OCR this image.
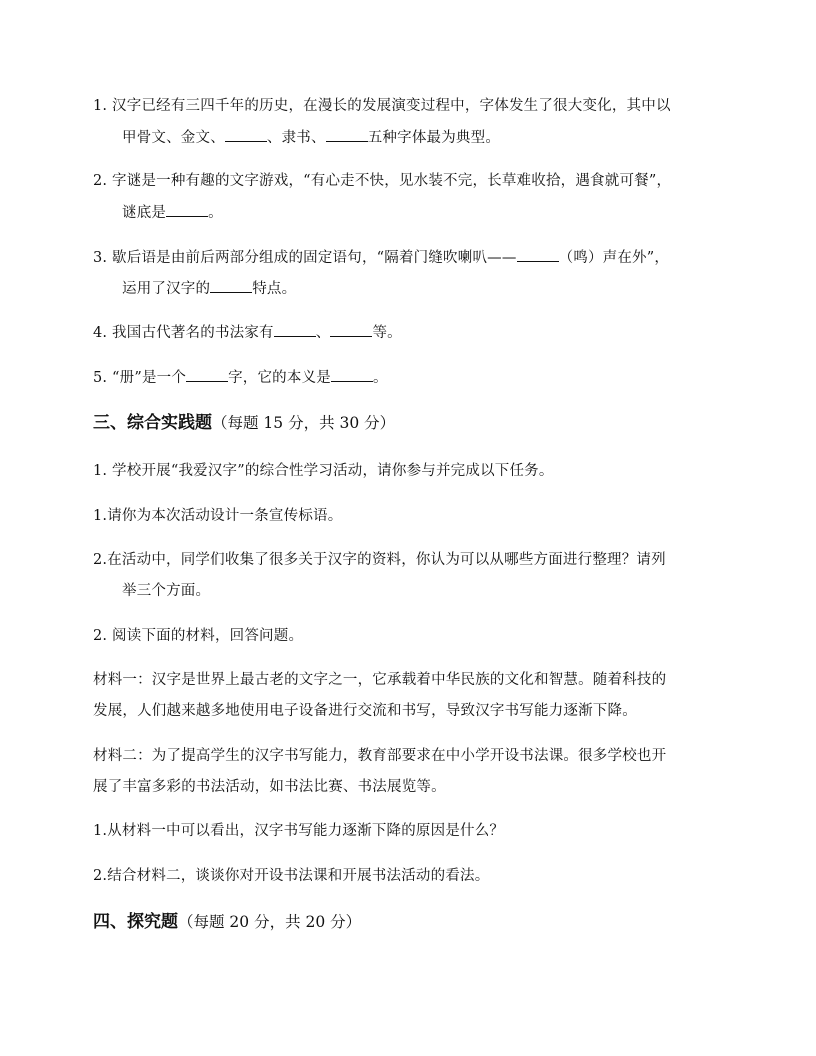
1. 汉字已经有三四千年的历史，在漫长的发展演变过程中，字体发生了很大变化，其中以
甲骨文、金文、	、隶书、	五种字体最为典型。
2. 字谜是一种有趣的文字游戏，“有心走不快，见水装不完，长草难收拾，遇食就可餐”，
谜底是	。
3. 歇后语是由前后两部分组成的固定语句，“隔着门缝吹喇叭——	（鸣）声在外”，
运用了汉字的	特点。
4. 我国古代著名的书法家有	、	等。
5. “册”是一个	字，它的本义是	。
三、综合实践题（每题 15 分，共 30 分）
1. 学校开展“我爱汉字”的综合性学习活动，请你参与并完成以下任务。
1.请你为本次活动设计一条宣传标语。
2.在活动中，同学们收集了很多关于汉字的资料，你认为可以从哪些方面进行整理？请列
举三个方面。
2. 阅读下面的材料，回答问题。
材料一：汉字是世界上最古老的文字之一，它承载着中华民族的文化和智慧。随着科技的
发展，人们越来越多地使用电子设备进行交流和书写，导致汉字书写能力逐渐下降。
材料二：为了提高学生的汉字书写能力，教育部要求在中小学开设书法课。很多学校也开
展了丰富多彩的书法活动，如书法比赛、书法展览等。
1.从材料一中可以看出，汉字书写能力逐渐下降的原因是什么？
2.结合材料二，谈谈你对开设书法课和开展书法活动的看法。
四、探究题（每题 20 分，共 20 分）
